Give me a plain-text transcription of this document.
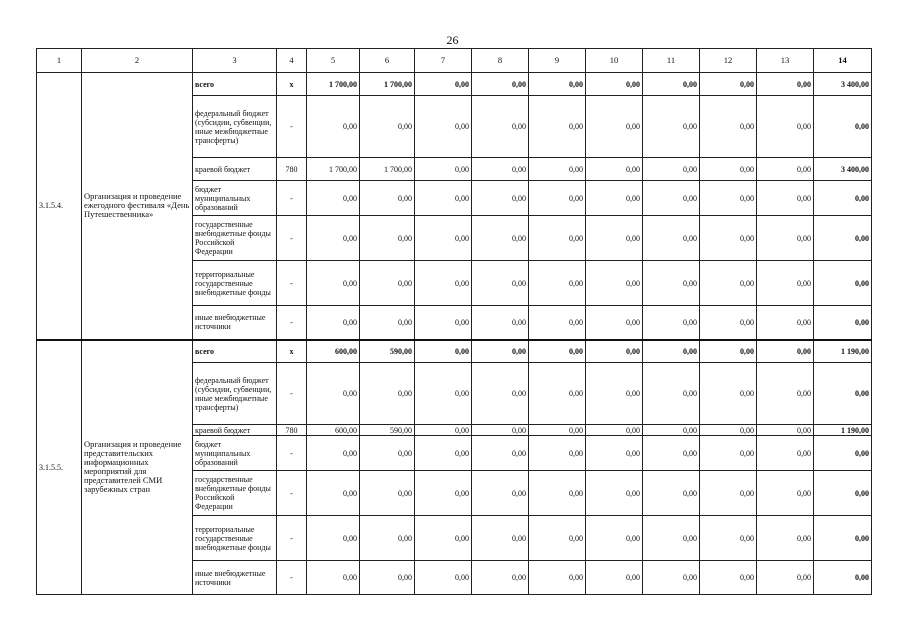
26
1	2	3	4	5	6	7	8	9	10	11	12	13	14
3.1.5.4.	Организация и проведение ежегодного фестиваля «День Путешественника»	всего	х	1 700,00	1 700,00	0,00	0,00	0,00	0,00	0,00	0,00	0,00	3 400,00
		федеральный бюджет (субсидии, субвенции, иные межбюджетные трансферты)	-	0,00	0,00	0,00	0,00	0,00	0,00	0,00	0,00	0,00	0,00
		краевой бюджет	780	1 700,00	1 700,00	0,00	0,00	0,00	0,00	0,00	0,00	0,00	3 400,00
		бюджет муниципальных образований	-	0,00	0,00	0,00	0,00	0,00	0,00	0,00	0,00	0,00	0,00
		государственные внебюджетные фонды Российской Федерации	-	0,00	0,00	0,00	0,00	0,00	0,00	0,00	0,00	0,00	0,00
		территориальные государственные внебюджетные фонды	-	0,00	0,00	0,00	0,00	0,00	0,00	0,00	0,00	0,00	0,00
		иные внебюджетные источники	-	0,00	0,00	0,00	0,00	0,00	0,00	0,00	0,00	0,00	0,00
3.1.5.5.	Организация и проведение представительских информационных мероприятий для представителей СМИ зарубежных стран	всего	х	600,00	590,00	0,00	0,00	0,00	0,00	0,00	0,00	0,00	1 190,00
		федеральный бюджет (субсидии, субвенции, иные межбюджетные трансферты)	-	0,00	0,00	0,00	0,00	0,00	0,00	0,00	0,00	0,00	0,00
		краевой бюджет	780	600,00	590,00	0,00	0,00	0,00	0,00	0,00	0,00	0,00	1 190,00
		бюджет муниципальных образований	-	0,00	0,00	0,00	0,00	0,00	0,00	0,00	0,00	0,00	0,00
		государственные внебюджетные фонды Российской Федерации	-	0,00	0,00	0,00	0,00	0,00	0,00	0,00	0,00	0,00	0,00
		территориальные государственные внебюджетные фонды	-	0,00	0,00	0,00	0,00	0,00	0,00	0,00	0,00	0,00	0,00
		иные внебюджетные источники	-	0,00	0,00	0,00	0,00	0,00	0,00	0,00	0,00	0,00	0,00
